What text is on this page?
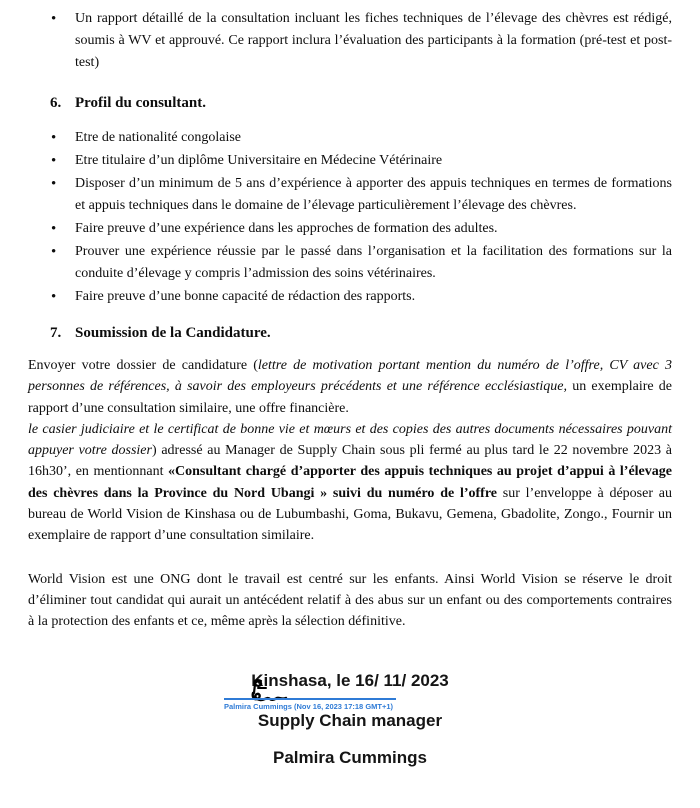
• Un rapport détaillé de la consultation incluant les fiches techniques de l’élevage des chèvres est rédigé, soumis à WV et approuvé. Ce rapport inclura l’évaluation des participants à la formation (pré-test et post-test)
6. Profil du consultant.
• Etre de nationalité congolaise
• Etre titulaire d’un diplôme Universitaire en Médecine Vétérinaire
• Disposer d’un minimum de 5 ans d’expérience à apporter des appuis techniques en termes de formations et appuis techniques dans le domaine de l’élevage particulièrement l’élevage des chèvres.
• Faire preuve d’une expérience dans les approches de formation des adultes.
• Prouver une expérience réussie par le passé dans l’organisation et la facilitation des formations sur la conduite d’élevage y compris l’admission des soins vétérinaires.
• Faire preuve d’une bonne capacité de rédaction des rapports.
7. Soumission de la Candidature.
Envoyer votre dossier de candidature (lettre de motivation portant mention du numéro de l’offre, CV avec 3 personnes de références, à savoir des employeurs précédents et une référence ecclésiastique, un exemplaire de rapport d’une consultation similaire, une offre financière.
le casier judiciaire et le certificat de bonne vie et mœurs et des copies des autres documents nécessaires pouvant appuyer votre dossier) adressé au Manager de Supply Chain sous pli fermé au plus tard le 22 novembre 2023 à 16h30’, en mentionnant «Consultant chargé d’apporter des appuis techniques au projet d’appui à l’élevage des chèvres dans la Province du Nord Ubangi » suivi du numéro de l’offre sur l’enveloppe à déposer au bureau de World Vision de Kinshasa ou de Lubumbashi, Goma, Bukavu, Gemena, Gbadolite, Zongo., Fournir un exemplaire de rapport d’une consultation similaire.
World Vision est une ONG dont le travail est centré sur les enfants. Ainsi World Vision se réserve le droit d’éliminer tout candidat qui aurait un antécédent relatif à des abus sur un enfant ou des comportements contraires à la protection des enfants et ce, même après la sélection définitive.
Kinshasa, le 16/ 11/ 2023
Palmira Cummings (Nov 16, 2023 17:18 GMT+1)
Supply Chain manager
Palmira Cummings
